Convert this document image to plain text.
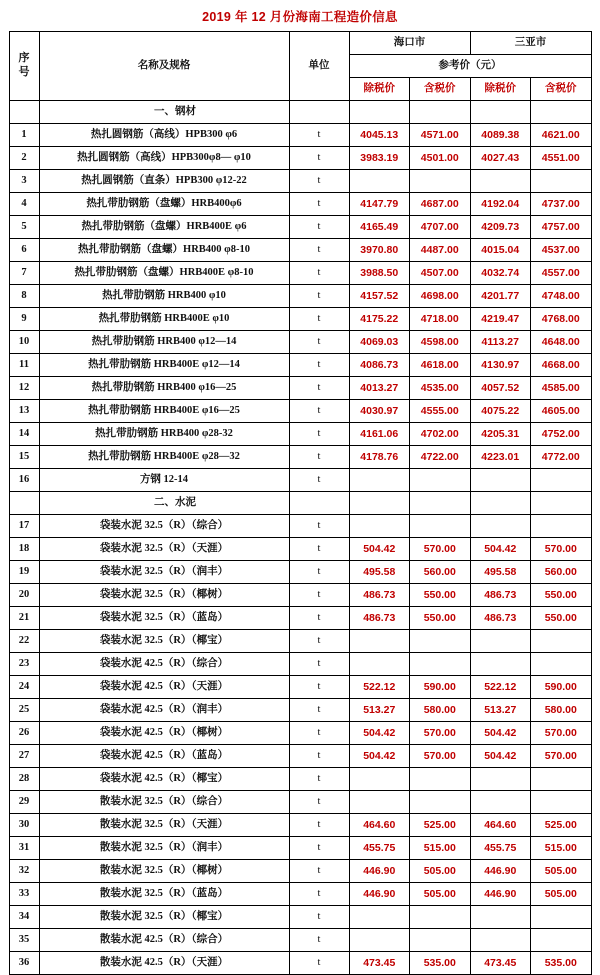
2019 年 12 月份海南工程造价信息
序
号	名称及规格	单位	海口市		三亚市	
			参考价（元）			
			除税价	含税价	除税价	含税价
	一、钢材					
1	热扎圆钢筋（高线）HPB300 φ6	t	4045.13	4571.00	4089.38	4621.00
2	热扎圆钢筋（高线）HPB300φ8— φ10	t	3983.19	4501.00	4027.43	4551.00
3	热扎圆钢筋（直条）HPB300 φ12-22	t				
4	热扎带肋钢筋（盘螺）HRB400φ6	t	4147.79	4687.00	4192.04	4737.00
5	热扎带肋钢筋（盘螺）HRB400E φ6	t	4165.49	4707.00	4209.73	4757.00
6	热扎带肋钢筋（盘螺）HRB400 φ8-10	t	3970.80	4487.00	4015.04	4537.00
7	热扎带肋钢筋（盘螺）HRB400E φ8-10	t	3988.50	4507.00	4032.74	4557.00
8	热扎带肋钢筋 HRB400 φ10	t	4157.52	4698.00	4201.77	4748.00
9	热扎带肋钢筋 HRB400E φ10	t	4175.22	4718.00	4219.47	4768.00
10	热扎带肋钢筋 HRB400 φ12—14	t	4069.03	4598.00	4113.27	4648.00
11	热扎带肋钢筋 HRB400E φ12—14	t	4086.73	4618.00	4130.97	4668.00
12	热扎带肋钢筋 HRB400 φ16—25	t	4013.27	4535.00	4057.52	4585.00
13	热扎带肋钢筋 HRB400E φ16—25	t	4030.97	4555.00	4075.22	4605.00
14	热扎带肋钢筋 HRB400 φ28-32	t	4161.06	4702.00	4205.31	4752.00
15	热扎带肋钢筋 HRB400E φ28—32	t	4178.76	4722.00	4223.01	4772.00
16	方钢 12-14	t				
	二、水泥					
17	袋装水泥 32.5（R）（综合）	t				
18	袋装水泥 32.5（R）（天涯）	t	504.42	570.00	504.42	570.00
19	袋装水泥 32.5（R）（润丰）	t	495.58	560.00	495.58	560.00
20	袋装水泥 32.5（R）（椰树）	t	486.73	550.00	486.73	550.00
21	袋装水泥 32.5（R）（蓝岛）	t	486.73	550.00	486.73	550.00
22	袋装水泥 32.5（R）（椰宝）	t				
23	袋装水泥 42.5（R）（综合）	t				
24	袋装水泥 42.5（R）（天涯）	t	522.12	590.00	522.12	590.00
25	袋装水泥 42.5（R）（润丰）	t	513.27	580.00	513.27	580.00
26	袋装水泥 42.5（R）（椰树）	t	504.42	570.00	504.42	570.00
27	袋装水泥 42.5（R）（蓝岛）	t	504.42	570.00	504.42	570.00
28	袋装水泥 42.5（R）（椰宝）	t				
29	散装水泥 32.5（R）（综合）	t				
30	散装水泥 32.5（R）（天涯）	t	464.60	525.00	464.60	525.00
31	散装水泥 32.5（R）（润丰）	t	455.75	515.00	455.75	515.00
32	散装水泥 32.5（R）（椰树）	t	446.90	505.00	446.90	505.00
33	散装水泥 32.5（R）（蓝岛）	t	446.90	505.00	446.90	505.00
34	散装水泥 32.5（R）（椰宝）	t				
35	散装水泥 42.5（R）（综合）	t				
36	散装水泥 42.5（R）（天涯）	t	473.45	535.00	473.45	535.00
